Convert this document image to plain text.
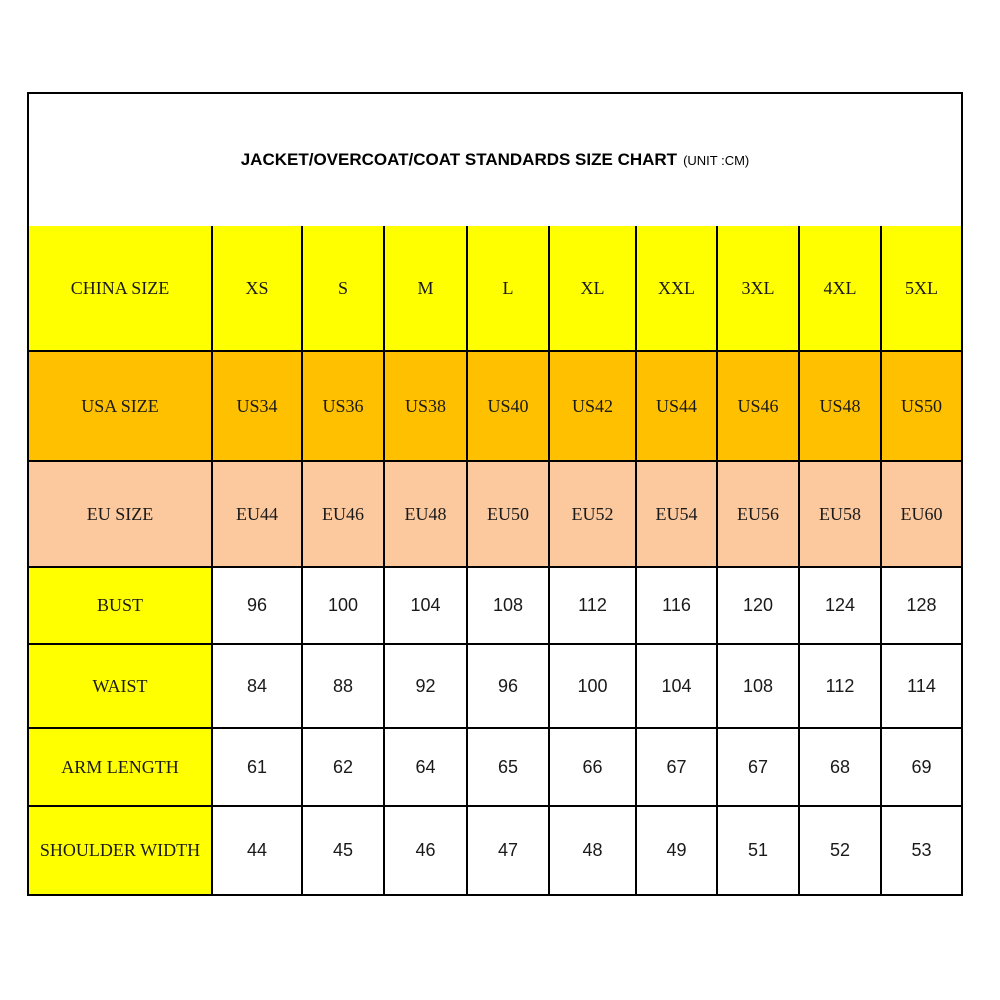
JACKET/OVERCOAT/COAT STANDARDS SIZE CHART (UNIT :CM)
CHINA SIZE	XS	S	M	L	XL	XXL	3XL	4XL	5XL
USA SIZE	US34	US36	US38	US40	US42	US44	US46	US48	US50
EU SIZE	EU44	EU46	EU48	EU50	EU52	EU54	EU56	EU58	EU60
BUST	96	100	104	108	112	116	120	124	128
WAIST	84	88	92	96	100	104	108	112	114
ARM LENGTH	61	62	64	65	66	67	67	68	69
SHOULDER WIDTH	44	45	46	47	48	49	51	52	53
